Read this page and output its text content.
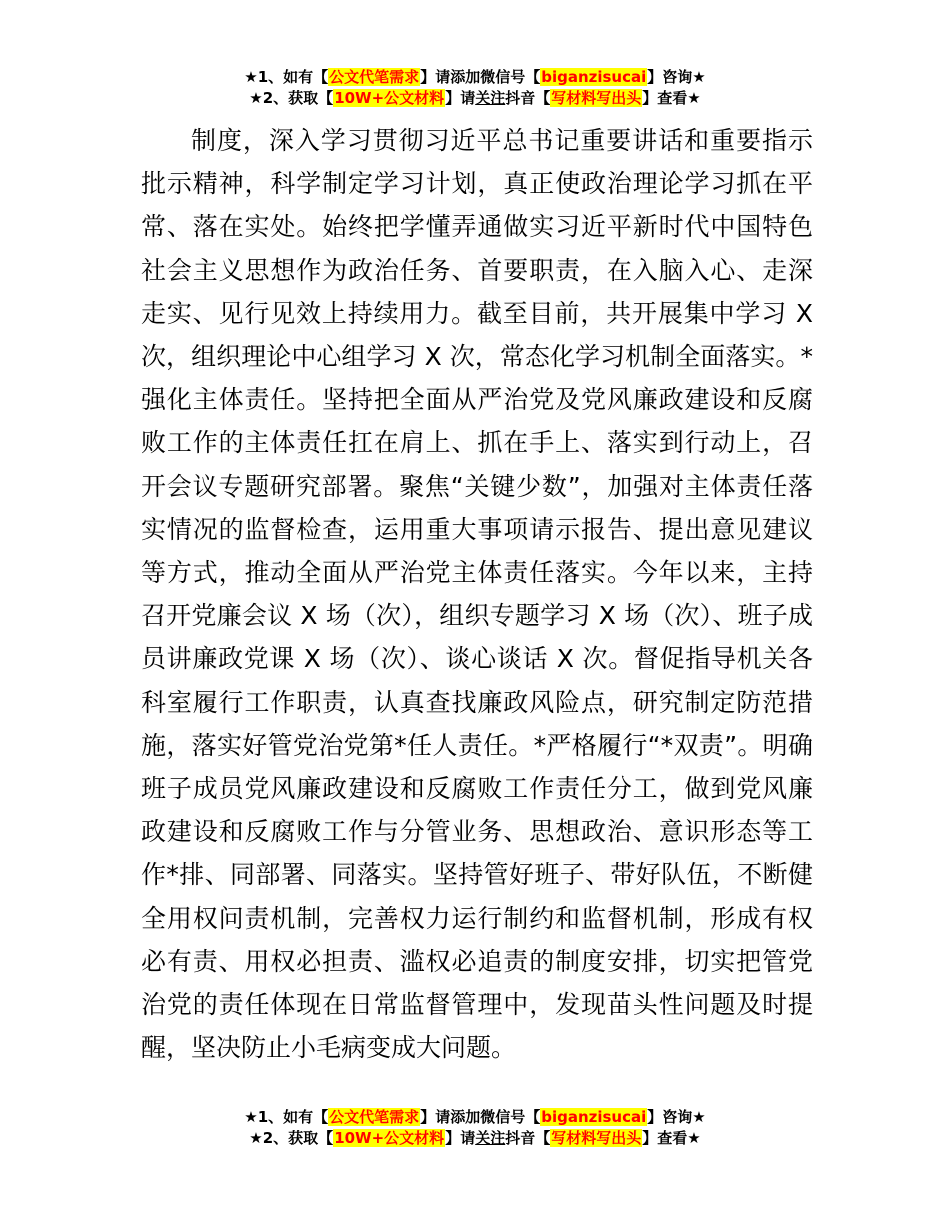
★1、如有【公文代笔需求】请添加微信号【biganzisucai】咨询★
★2、获取【10W+公文材料】请关注抖音【写材料写出头】查看★
制度，深入学习贯彻习近平总书记重要讲话和重要指示批示精神，科学制定学习计划，真正使政治理论学习抓在平常、落在实处。始终把学懂弄通做实习近平新时代中国特色社会主义思想作为政治任务、首要职责，在入脑入心、走深走实、见行见效上持续用力。截至目前，共开展集中学习 X 次，组织理论中心组学习 X 次，常态化学习机制全面落实。*强化主体责任。坚持把全面从严治党及党风廉政建设和反腐败工作的主体责任扛在肩上、抓在手上、落实到行动上，召开会议专题研究部署。聚焦“关键少数”，加强对主体责任落实情况的监督检查，运用重大事项请示报告、提出意见建议等方式，推动全面从严治党主体责任落实。今年以来，主持召开党廉会议 X 场（次），组织专题学习 X 场（次）、班子成员讲廉政党课 X 场（次）、谈心谈话 X 次。督促指导机关各科室履行工作职责，认真查找廉政风险点，研究制定防范措施，落实好管党治党第*任人责任。*严格履行“*双责”。明确班子成员党风廉政建设和反腐败工作责任分工，做到党风廉政建设和反腐败工作与分管业务、思想政治、意识形态等工作*排、同部署、同落实。坚持管好班子、带好队伍，不断健全用权问责机制，完善权力运行制约和监督机制，形成有权必有责、用权必担责、滥权必追责的制度安排，切实把管党治党的责任体现在日常监督管理中，发现苗头性问题及时提醒，坚决防止小毛病变成大问题。
★1、如有【公文代笔需求】请添加微信号【biganzisucai】咨询★
★2、获取【10W+公文材料】请关注抖音【写材料写出头】查看★
